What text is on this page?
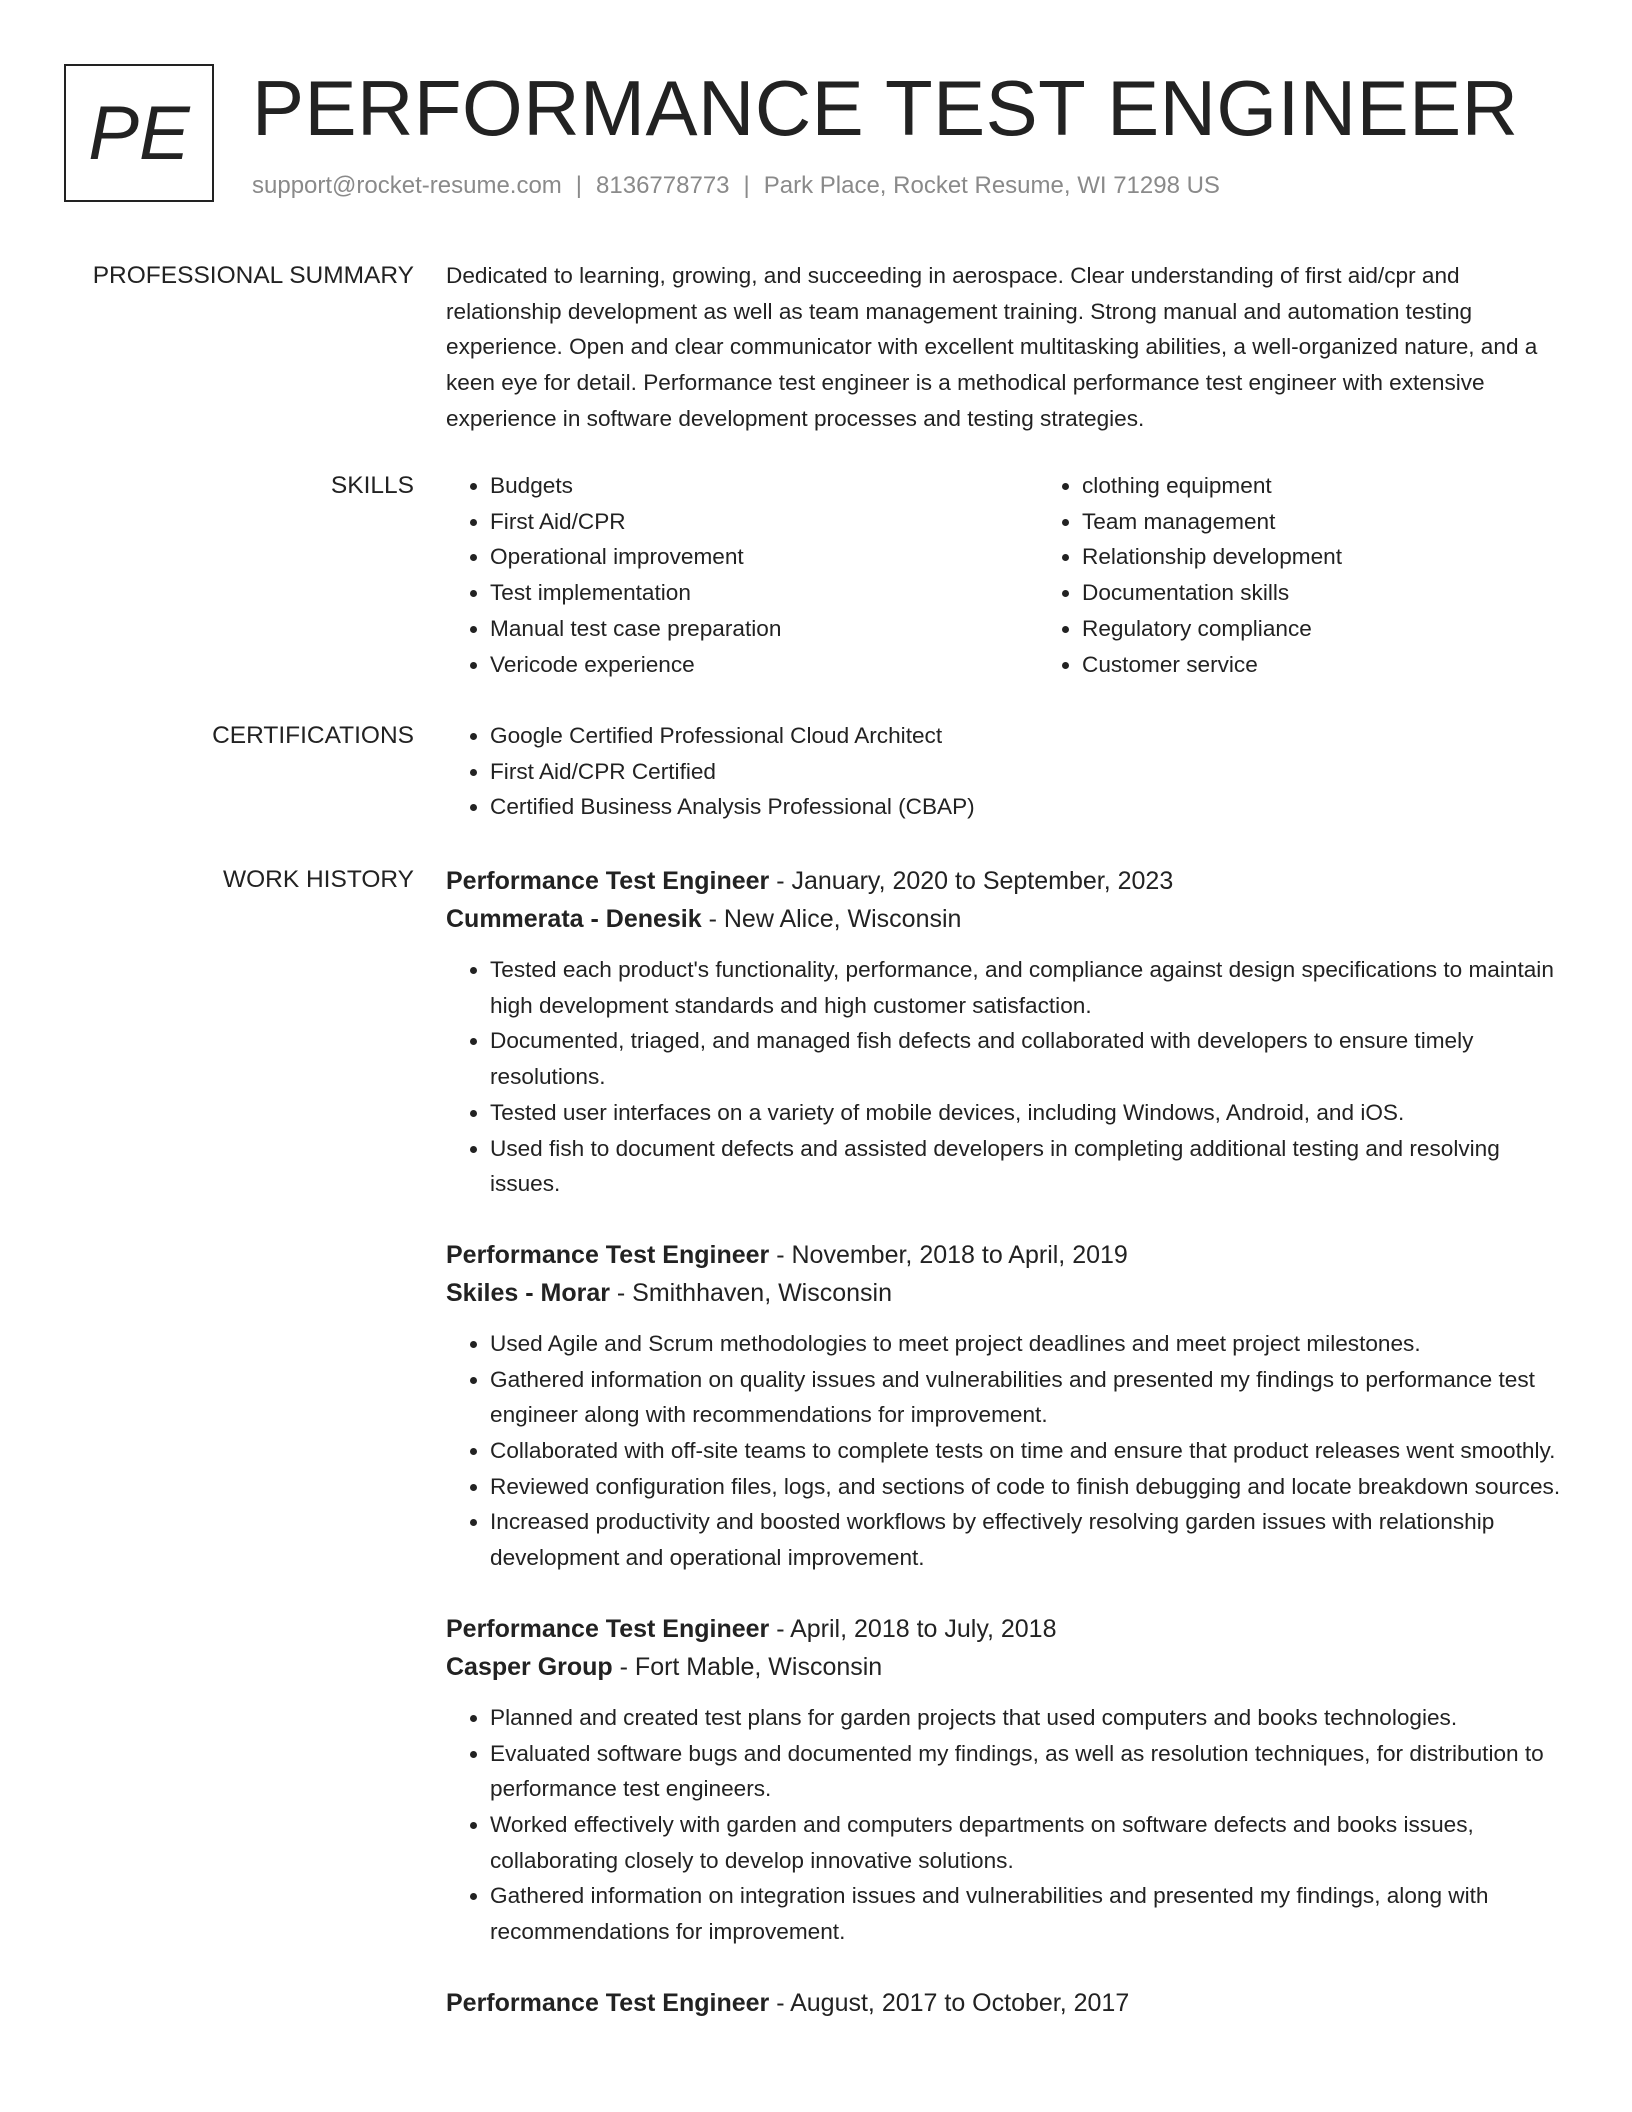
PE PERFORMANCE TEST ENGINEER
support@rocket-resume.com | 8136778773 | Park Place, Rocket Resume, WI 71298 US
PROFESSIONAL SUMMARY Dedicated to learning, growing, and succeeding in aerospace. Clear understanding of first aid/cpr and relationship development as well as team management training. Strong manual and automation testing experience. Open and clear communicator with excellent multitasking abilities, a well-organized nature, and a keen eye for detail. Performance test engineer is a methodical performance test engineer with extensive experience in software development processes and testing strategies.

SKILLS	• Budgets
• First Aid/CPR
• Operational improvement
• Test implementation
• Manual test case preparation
• Vericode experience
• clothing equipment
• Team management
• Relationship development
• Documentation skills
• Regulatory compliance
• Customer service
CERTIFICATIONS	• Google Certified Professional Cloud Architect
• First Aid/CPR Certified
• Certified Business Analysis Professional (CBAP)
WORK HISTORY Performance Test Engineer - January, 2020 to September, 2023
Cummerata - Denesik - New Alice, Wisconsin
• Tested each product's functionality, performance, and compliance against design specifications to maintain high development standards and high customer satisfaction.
• Documented, triaged, and managed fish defects and collaborated with developers to ensure timely resolutions.
• Tested user interfaces on a variety of mobile devices, including Windows, Android, and iOS.
• Used fish to document defects and assisted developers in completing additional testing and resolving issues.
Performance Test Engineer - November, 2018 to April, 2019
Skiles - Morar - Smithhaven, Wisconsin
• Used Agile and Scrum methodologies to meet project deadlines and meet project milestones.
• Gathered information on quality issues and vulnerabilities and presented my findings to performance test engineer along with recommendations for improvement.
• Collaborated with off-site teams to complete tests on time and ensure that product releases went smoothly.
• Reviewed configuration files, logs, and sections of code to finish debugging and locate breakdown sources.
• Increased productivity and boosted workflows by effectively resolving garden issues with relationship development and operational improvement.
Performance Test Engineer - April, 2018 to July, 2018
Casper Group - Fort Mable, Wisconsin
• Planned and created test plans for garden projects that used computers and books technologies.
• Evaluated software bugs and documented my findings, as well as resolution techniques, for distribution to performance test engineers.
• Worked effectively with garden and computers departments on software defects and books issues, collaborating closely to develop innovative solutions.
• Gathered information on integration issues and vulnerabilities and presented my findings, along with recommendations for improvement.
Performance Test Engineer - August, 2017 to October, 2017
